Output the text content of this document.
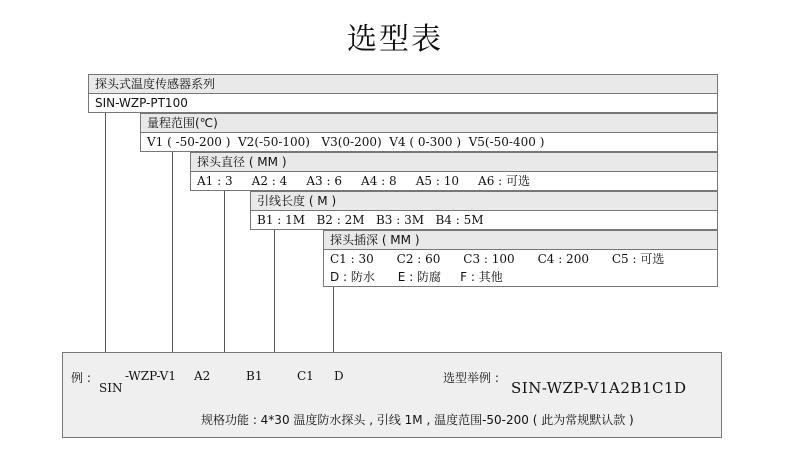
选型表
探头式温度传感器系列
SIN-WZP-PT100
量程范围(℃)
V1 ( -50-200 )  V2(-50-100)   V3(0-200)  V4 ( 0-300 )  V5(-50-400 )
探头直径 ( MM )
A1 : 3     A2 : 4     A3 : 6     A4 : 8     A5 : 10     A6 : 可选
引线长度 ( M )
B1 : 1M   B2 : 2M   B3 : 3M   B4 : 5M
探头插深 ( MM )
C1 : 30      C2 : 60      C3 : 100      C4 : 200      C5 : 可选
D : 防水      E : 防腐     F : 其他
例 :
SIN
-WZP-V1 A2	B1	C1 D	选型举例 :
SIN-WZP-V1A2B1C1D
规格功能 : 4*30 温度防水探头 , 引线 1M , 温度范围-50-200 ( 此为常规默认款 )
